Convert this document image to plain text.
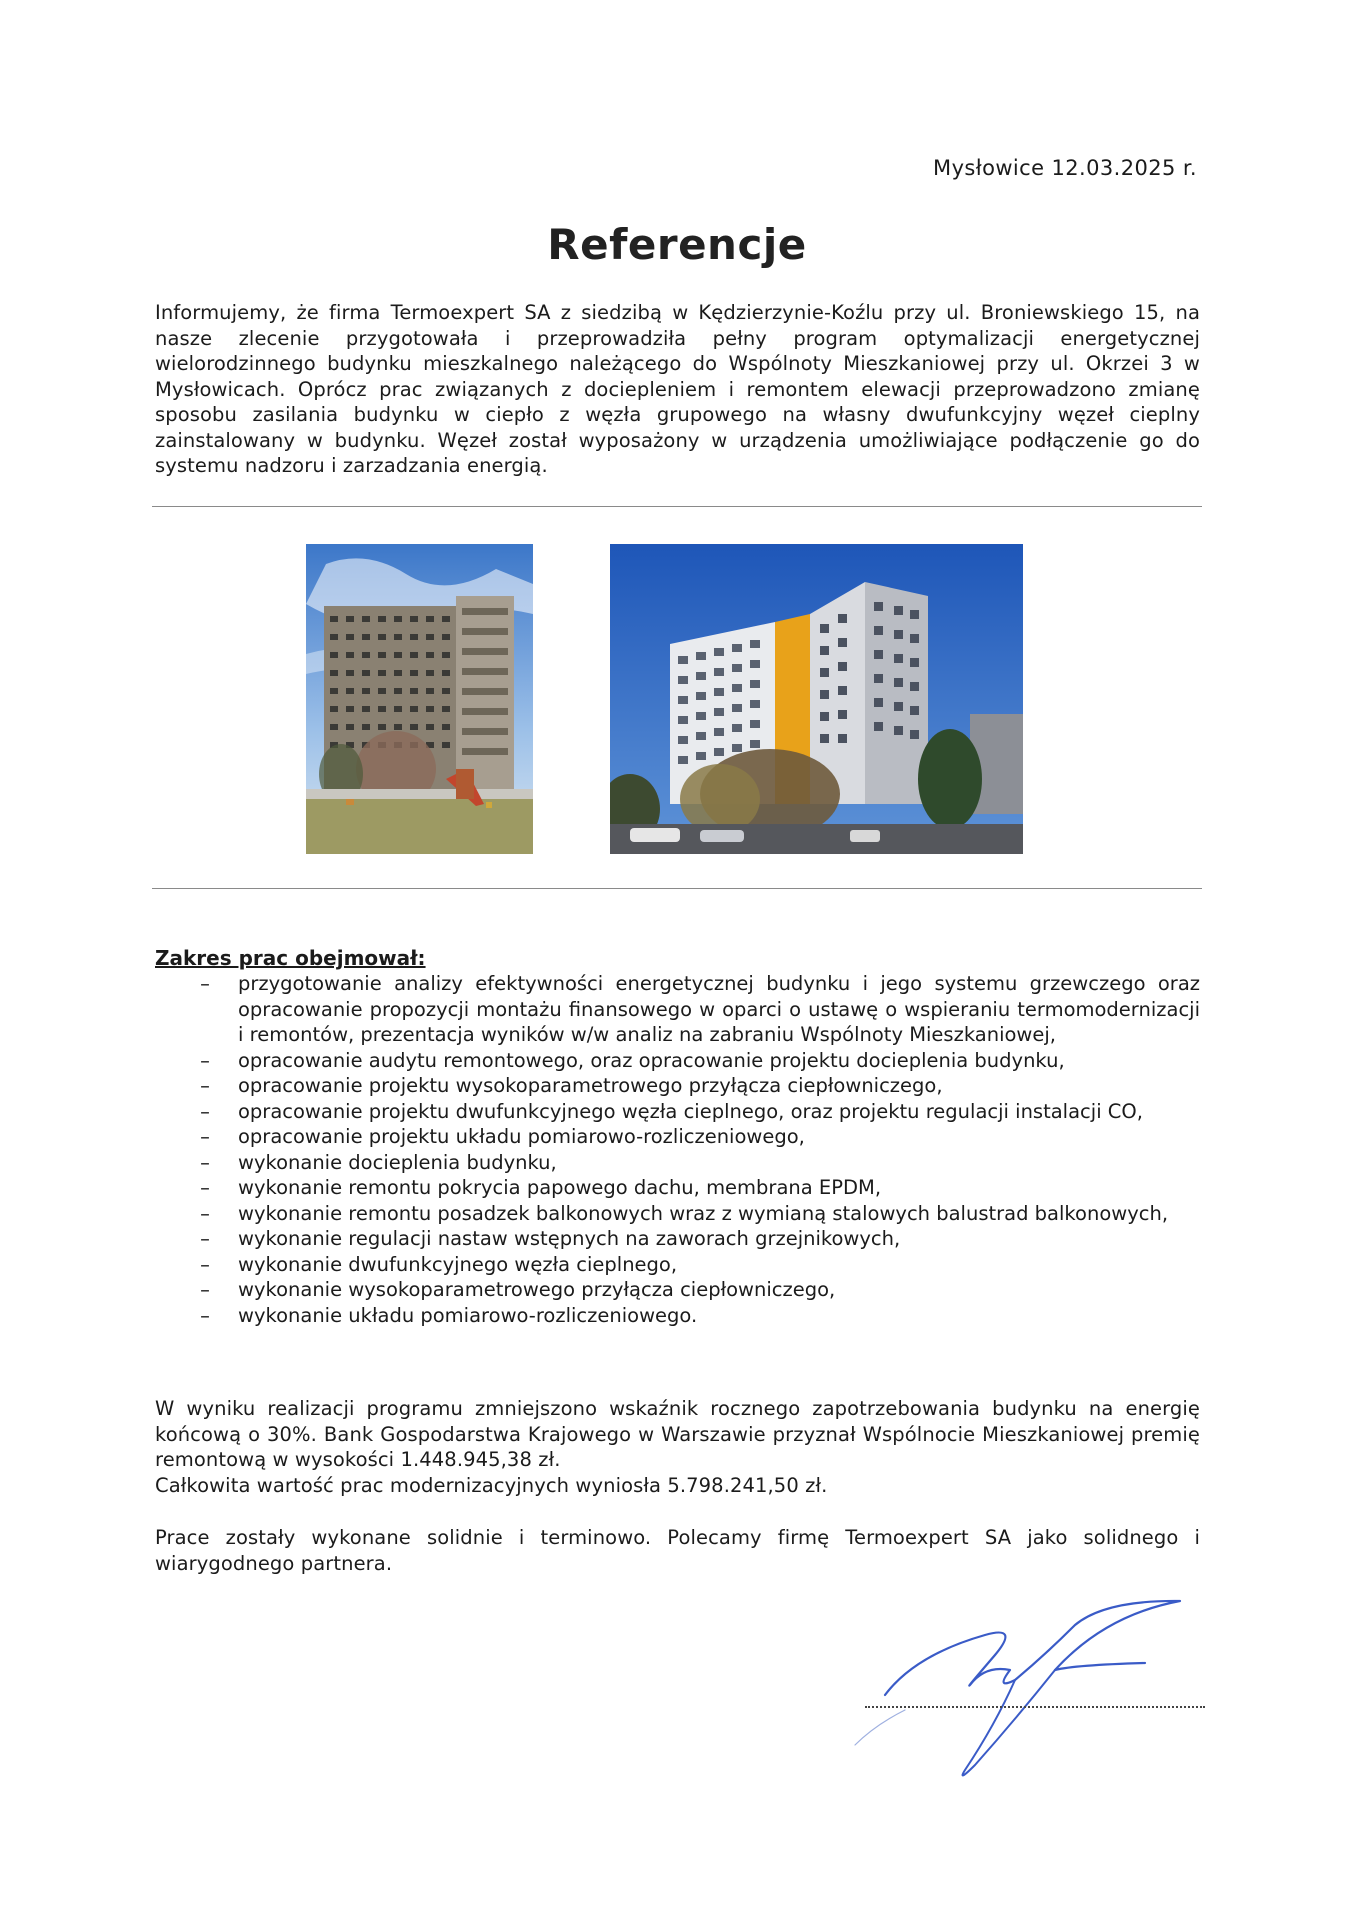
Mysłowice 12.03.2025 r.
Referencje

Informujemy, że firma Termoexpert SA z siedzibą w Kędzierzynie-Koźlu przy ul. Broniewskiego 15, na nasze zlecenie przygotowała i przeprowadziła pełny program optymalizacji energetycznej wielorodzinnego budynku mieszkalnego należącego do Wspólnoty Mieszkaniowej przy ul. Okrzei 3 w Mysłowicach. Oprócz prac związanych z dociepleniem i remontem elewacji przeprowadzono zmianę sposobu zasilania budynku w ciepło z węzła grupowego na własny dwufunkcyjny węzeł cieplny zainstalowany w budynku. Węzeł został wyposażony w urządzenia umożliwiające podłączenie go do systemu nadzoru i zarzadzania energią.

Zakres prac obejmował:

– przygotowanie analizy efektywności energetycznej budynku i jego systemu grzewczego oraz opracowanie propozycji montażu finansowego w oparci o ustawę o wspieraniu termomodernizacji i remontów, prezentacja wyników w/w analiz na zabraniu Wspólnoty Mieszkaniowej,
– opracowanie audytu remontowego, oraz opracowanie projektu docieplenia budynku,
– opracowanie projektu wysokoparametrowego przyłącza ciepłowniczego,
– opracowanie projektu dwufunkcyjnego węzła cieplnego, oraz projektu regulacji instalacji CO,
– opracowanie projektu układu pomiarowo-rozliczeniowego,
– wykonanie docieplenia budynku,
– wykonanie remontu pokrycia papowego dachu, membrana EPDM,
– wykonanie remontu posadzek balkonowych wraz z wymianą stalowych balustrad balkonowych,
– wykonanie regulacji nastaw wstępnych na zaworach grzejnikowych,
– wykonanie dwufunkcyjnego węzła cieplnego,
– wykonanie wysokoparametrowego przyłącza ciepłowniczego,
– wykonanie układu pomiarowo-rozliczeniowego.
W wyniku realizacji programu zmniejszono wskaźnik rocznego zapotrzebowania budynku na energię końcową o 30%. Bank Gospodarstwa Krajowego w Warszawie przyznał Wspólnocie Mieszkaniowej premię remontową w wysokości 1.448.945,38 zł.
Całkowita wartość prac modernizacyjnych wyniosła 5.798.241,50 zł.

Prace zostały wykonane solidnie i terminowo. Polecamy firmę Termoexpert SA jako solidnego i wiarygodnego partnera.
